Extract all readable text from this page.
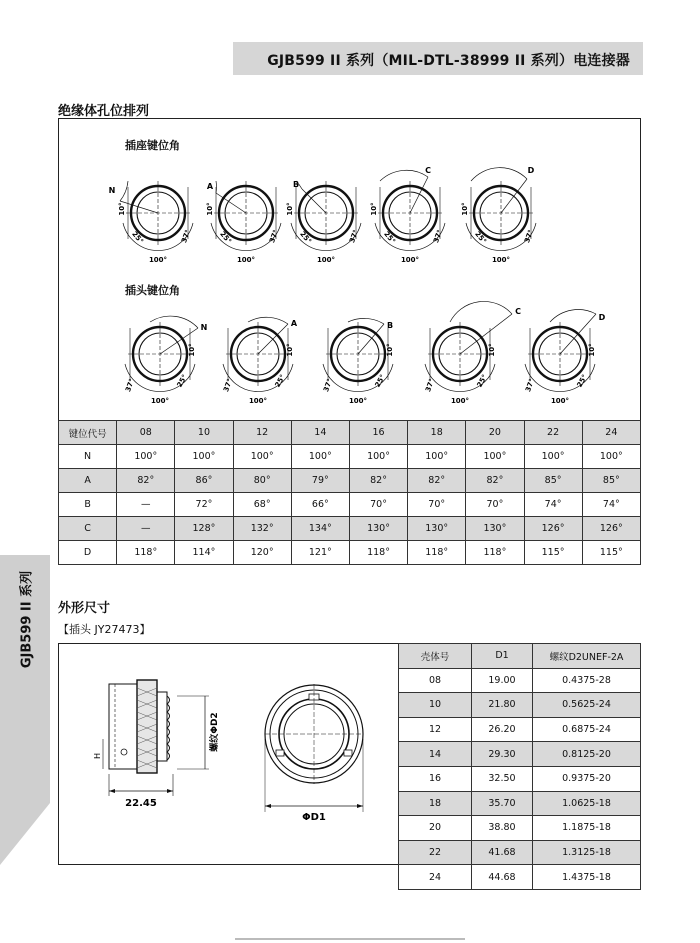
GJB599 II 系列（MIL-DTL-38999 II 系列）电连接器
GJB599 II 系列
绝缘体孔位排列
插座键位角
插头键位角
N
10°
25°	37°
100°
A
10°
25°	37°
100°
B
10°
25°	37°
100°
C
10°
25°	37°
100°
D
10°
25°	37°
100°
N
10°
37°	25°
100°
A
10°
37°	25°
100°
B
10°
37°	25°
100°
C
10°
37°	25°
100°
D
10°
37°	25°
100°
键位代号	08	10	12	14	16	18	20	22	24
N	100°	100°	100°	100°	100°	100°	100°	100°	100°
A	82°	86°	80°	79°	82°	82°	82°	85°	85°
B	—	72°	68°	66°	70°	70°	70°	74°	74°
C	—	128°	132°	134°	130°	130°	130°	126°	126°
D	118°	114°	120°	121°	118°	118°	118°	115°	115°
外形尺寸
【插头 JY27473】
22.45
H
螺纹ΦD2
ΦD1
壳体号	D1	螺纹D2UNEF-2A
08	19.00	0.4375-28
10	21.80	0.5625-24
12	26.20	0.6875-24
14	29.30	0.8125-20
16	32.50	0.9375-20
18	35.70	1.0625-18
20	38.80	1.1875-18
22	41.68	1.3125-18
24	44.68	1.4375-18
